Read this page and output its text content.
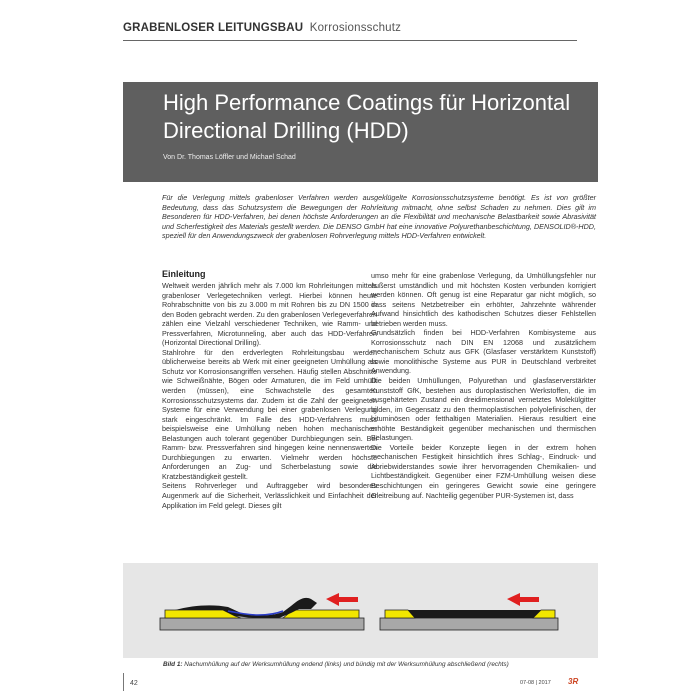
GRABENLOSER LEITUNGSBAU Korrosionsschutz
High Performance Coatings für Horizontal
Directional Drilling (HDD)
Von Dr. Thomas Löffler und Michael Schad
Für die Verlegung mittels grabenloser Verfahren werden ausgeklügelte Korrosionsschutzsysteme benötigt. Es ist von größter Bedeutung, dass das Schutzsystem die Bewegungen der Rohrleitung mitmacht, ohne selbst Schaden zu nehmen. Dies gilt im Besonderen für HDD-Verfahren, bei denen höchste Anforderungen an die Flexibilität und mechanische Belastbarkeit sowie Abrasivität und Scherfestigkeit des Materials gestellt werden. Die DENSO GmbH hat eine innovative Polyurethanbeschichtung, DENSOLID®-HDD, speziell für den Anwendungszweck der grabenlosen Rohrverlegung mittels HDD-Verfahren entwickelt.
Einleitung

Weltweit werden jährlich mehr als 7.000 km Rohrleitungen mittels grabenloser Verlegetechniken verlegt. Hierbei können heute Rohrabschnitte von bis zu 3.000 m mit Rohren bis zu DN 1500 in den Boden gebracht werden. Zu den grabenlosen Verlegeverfahren zählen eine Vielzahl verschiedener Techniken, wie Ramm- und Pressverfahren, Microtunneling, aber auch das HDD-Verfahren (Horizontal Directional Drilling).

Stahlrohre für den erdverlegten Rohrleitungsbau werden üblicherweise bereits ab Werk mit einer geeigneten Umhüllung als Schutz vor Korrosionsangriffen versehen. Häufig stellen Abschnitte wie Schweißnähte, Bögen oder Armaturen, die im Feld umhüllt werden (müssen), eine Schwachstelle des gesamten Korrosionsschutzsystems dar. Zudem ist die Zahl der geeigneten Systeme für eine Verwendung bei einer grabenlosen Verlegung stark eingeschränkt. Im Falle des HDD-Verfahrens muss beispielsweise eine Umhüllung neben hohen mechanischen Belastungen auch tolerant gegenüber Durchbiegungen sein. Bei Ramm- bzw. Pressverfahren sind hingegen keine nennenswerten Durchbiegungen zu erwarten. Vielmehr werden höchste Anforderungen an Zug- und Scherbelastung sowie die Kratzbeständigkeit gestellt.

Seitens Rohrverleger und Auftraggeber wird besonderes Augenmerk auf die Sicherheit, Verlässlichkeit und Einfachheit der Applikation im Feld gelegt. Dieses gilt

umso mehr für eine grabenlose Verlegung, da Umhüllungsfehler nur äußerst umständlich und mit höchsten Kosten verbunden korrigiert werden können. Oft genug ist eine Reparatur gar nicht möglich, so dass seitens Netzbetreiber ein erhöhter, Jahrzehnte währender Aufwand hinsichtlich des kathodischen Schutzes dieser Fehlstellen betrieben werden muss.

Grundsätzlich finden bei HDD-Verfahren Kombisysteme aus Korrosionsschutz nach DIN EN 12068 und zusätzlichem mechanischem Schutz aus GFK (Glasfaser verstärktem Kunststoff) sowie monolithische Systeme aus PUR in Deutschland verbreitet Anwendung.

Die beiden Umhüllungen, Polyurethan und glasfaserverstärkter Kunststoff GfK, bestehen aus duroplastischen Werkstoffen, die im ausgehärteten Zustand ein dreidimensional vernetztes Molekülgitter bilden, im Gegensatz zu den thermoplastischen polyolefinischen, der bituminösen oder fetthaltigen Materialien. Hieraus resultiert eine erhöhte Beständigkeit gegenüber mechanischen und thermischen Belastungen.

Die Vorteile beider Konzepte liegen in der extrem hohen mechanischen Festigkeit hinsichtlich ihres Schlag-, Eindruck- und Abriebwiderstandes sowie ihrer hervorragenden Chemikalien- und Lichtbeständigkeit. Gegenüber einer FZM-Umhüllung weisen diese Beschichtungen ein geringeres Gewicht sowie eine geringere Gleitreibung auf. Nachteilig gegenüber PUR-Systemen ist, dass

Bild 1: Nachumhüllung auf der Werksumhüllung endend (links) und bündig mit der Werksumhüllung abschließend (rechts)
42	07-08 | 2017 3R
